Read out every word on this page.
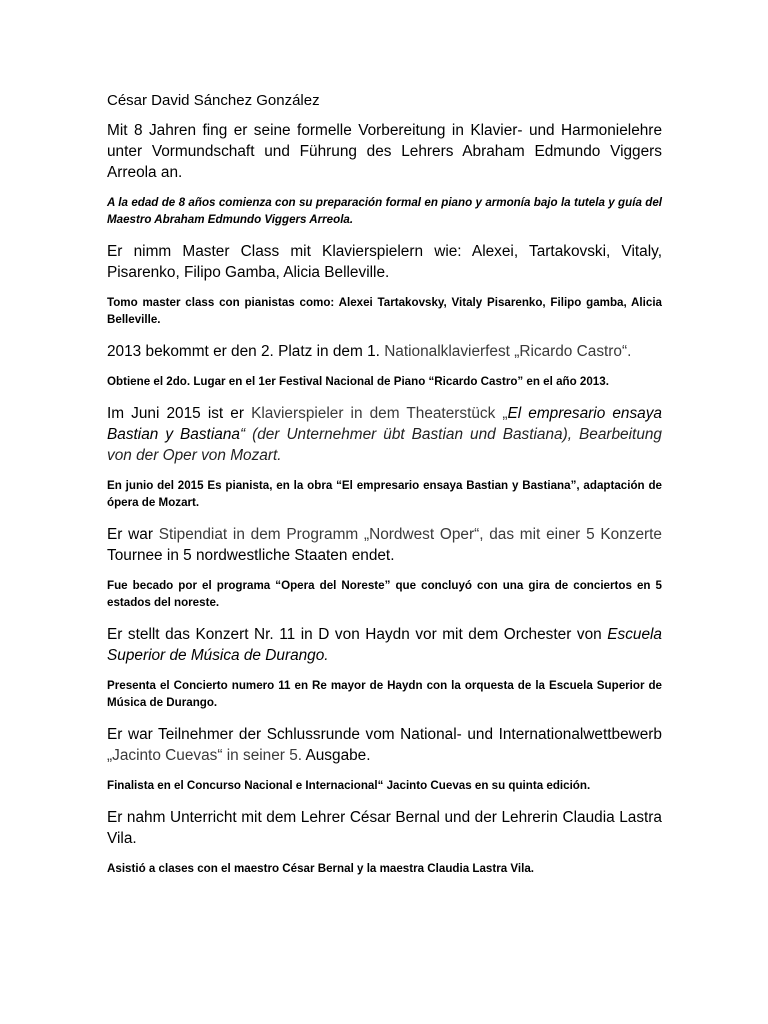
César David Sánchez González

Mit 8 Jahren fing er seine formelle Vorbereitung in Klavier- und Harmonielehre unter Vormundschaft und Führung des Lehrers Abraham Edmundo Viggers Arreola an.

A la edad de 8 años comienza con su preparación formal en piano y armonía bajo la tutela y guía del Maestro Abraham Edmundo Viggers Arreola.

Er nimm Master Class mit Klavierspielern wie: Alexei, Tartakovski, Vitaly, Pisarenko, Filipo Gamba, Alicia Belleville.

Tomo master class con pianistas como: Alexei Tartakovsky, Vitaly Pisarenko, Filipo gamba, Alicia Belleville.

2013 bekommt er den 2. Platz in dem 1. Nationalklavierfest „Ricardo Castro“.

Obtiene el 2do. Lugar en el 1er Festival Nacional de Piano “Ricardo Castro” en el año 2013.

Im Juni 2015 ist er Klavierspieler in dem Theaterstück „El empresario ensaya Bastian y Bastiana“ (der Unternehmer übt Bastian und Bastiana), Bearbeitung von der Oper von Mozart.

En junio del 2015 Es pianista, en la obra “El empresario ensaya Bastian y Bastiana”, adaptación de ópera de Mozart.

Er war Stipendiat in dem Programm „Nordwest Oper“, das mit einer 5 Konzerte Tournee in 5 nordwestliche Staaten endet.

Fue becado por el programa “Opera del Noreste” que concluyó con una gira de conciertos en 5 estados del noreste.

Er stellt das Konzert Nr. 11 in D von Haydn vor mit dem Orchester von Escuela Superior de Música de Durango.

Presenta el Concierto numero 11 en Re mayor de Haydn con la orquesta de la Escuela Superior de Música de Durango.

Er war Teilnehmer der Schlussrunde vom National- und Internationalwettbewerb „Jacinto Cuevas“ in seiner 5. Ausgabe.

Finalista en el Concurso Nacional e Internacional“ Jacinto Cuevas en su quinta edición.

Er nahm Unterricht mit dem Lehrer César Bernal und der Lehrerin Claudia Lastra Vila.

Asistió a clases con el maestro César Bernal y la maestra Claudia Lastra Vila.
